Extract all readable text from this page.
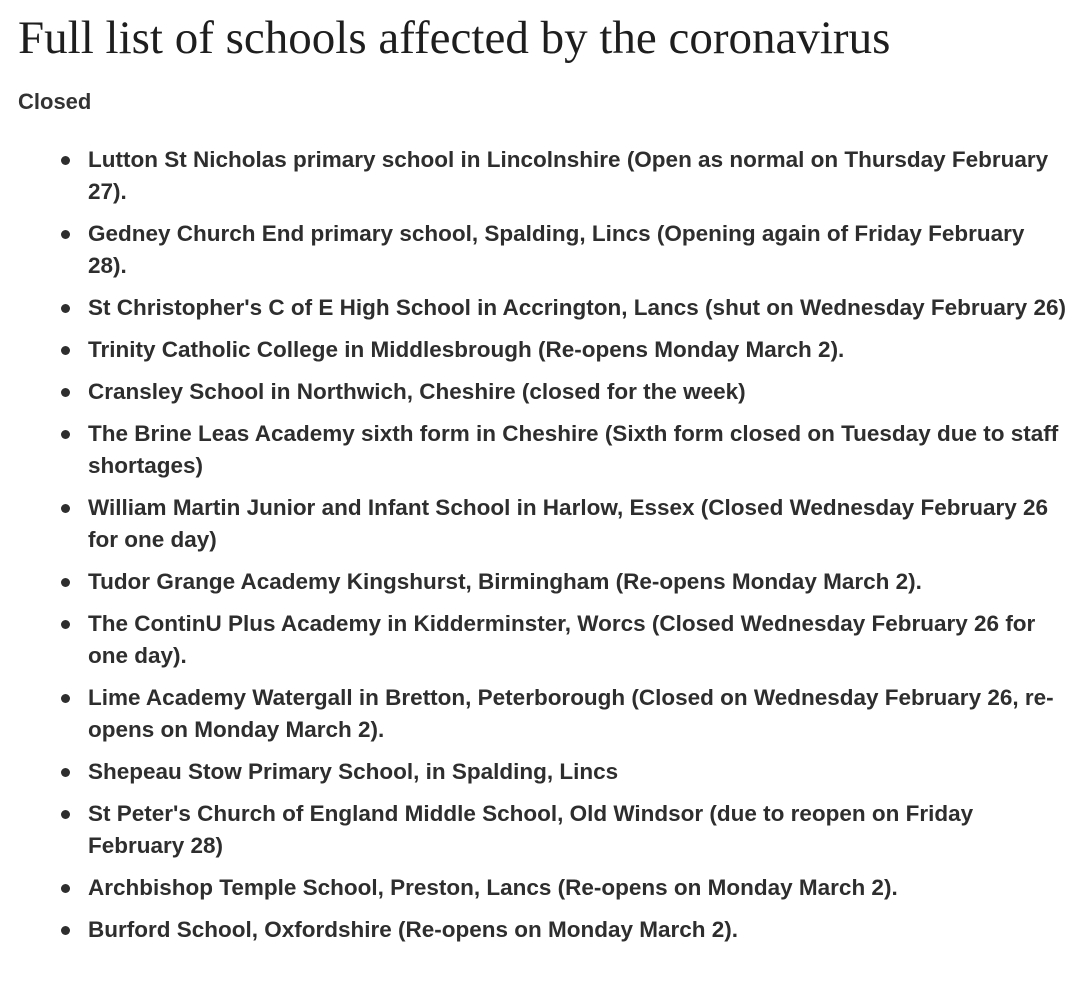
Full list of schools affected by the coronavirus
Closed
Lutton St Nicholas primary school in Lincolnshire (Open as normal on Thursday February 27).
Gedney Church End primary school, Spalding, Lincs (Opening again of Friday February 28).
St Christopher's C of E High School in Accrington, Lancs (shut on Wednesday February 26)
Trinity Catholic College in Middlesbrough (Re-opens Monday March 2).
Cransley School in Northwich, Cheshire (closed for the week)
The Brine Leas Academy sixth form in Cheshire (Sixth form closed on Tuesday due to staff shortages)
William Martin Junior and Infant School in Harlow, Essex (Closed Wednesday February 26 for one day)
Tudor Grange Academy Kingshurst, Birmingham (Re-opens Monday March 2).
The ContinU Plus Academy in Kidderminster, Worcs (Closed Wednesday February 26 for one day).
Lime Academy Watergall in Bretton, Peterborough (Closed on Wednesday February 26, re-opens on Monday March 2).
Shepeau Stow Primary School, in Spalding, Lincs
St Peter's Church of England Middle School, Old Windsor (due to reopen on Friday February 28)
Archbishop Temple School, Preston, Lancs (Re-opens on Monday March 2).
Burford School, Oxfordshire (Re-opens on Monday March 2).
